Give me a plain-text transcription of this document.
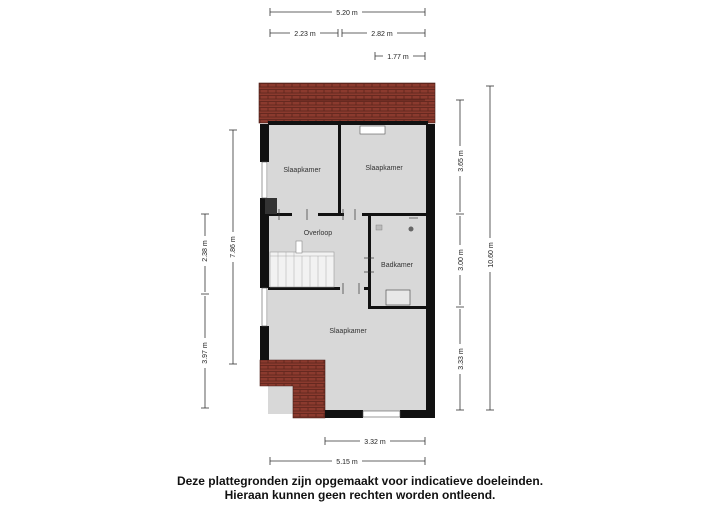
5.20 m
2.23 m	2.82 m
1.77 m
3.65 m
3.00 m
3.33 m
10.60 m
2.38 m
3.97 m
7.86 m
3.32 m
5.15 m
Slaapkamer	Slaapkamer
Overloop
Badkamer
Slaapkamer
Deze plattegronden zijn opgemaakt voor indicatieve doeleinden.
Hieraan kunnen geen rechten worden ontleend.
